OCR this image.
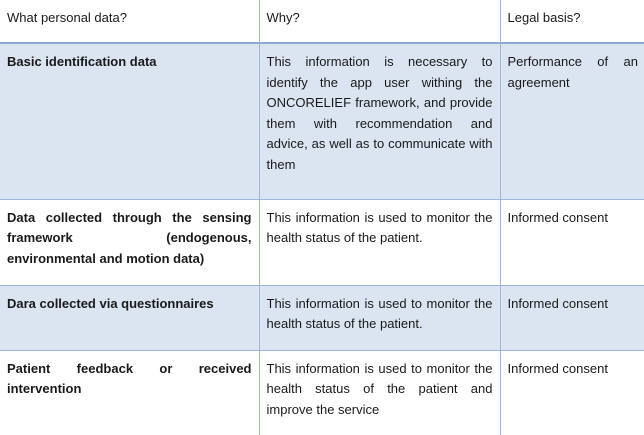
What personal data?	Why?	Legal basis?
Basic identification data	This information is necessary to identify the app user withing the ONCORELIEF framework, and provide them with recommendation and advice, as well as to communicate with them	Performance of an agreement
Data collected through the sensing framework (endogenous, environmental and motion data)	This information is used to monitor the health status of the patient.	Informed consent
Dara collected via questionnaires	This information is used to monitor the health status of the patient.	Informed consent
Patient feedback or received intervention	This information is used to monitor the health status of the patient and improve the service	Informed consent
